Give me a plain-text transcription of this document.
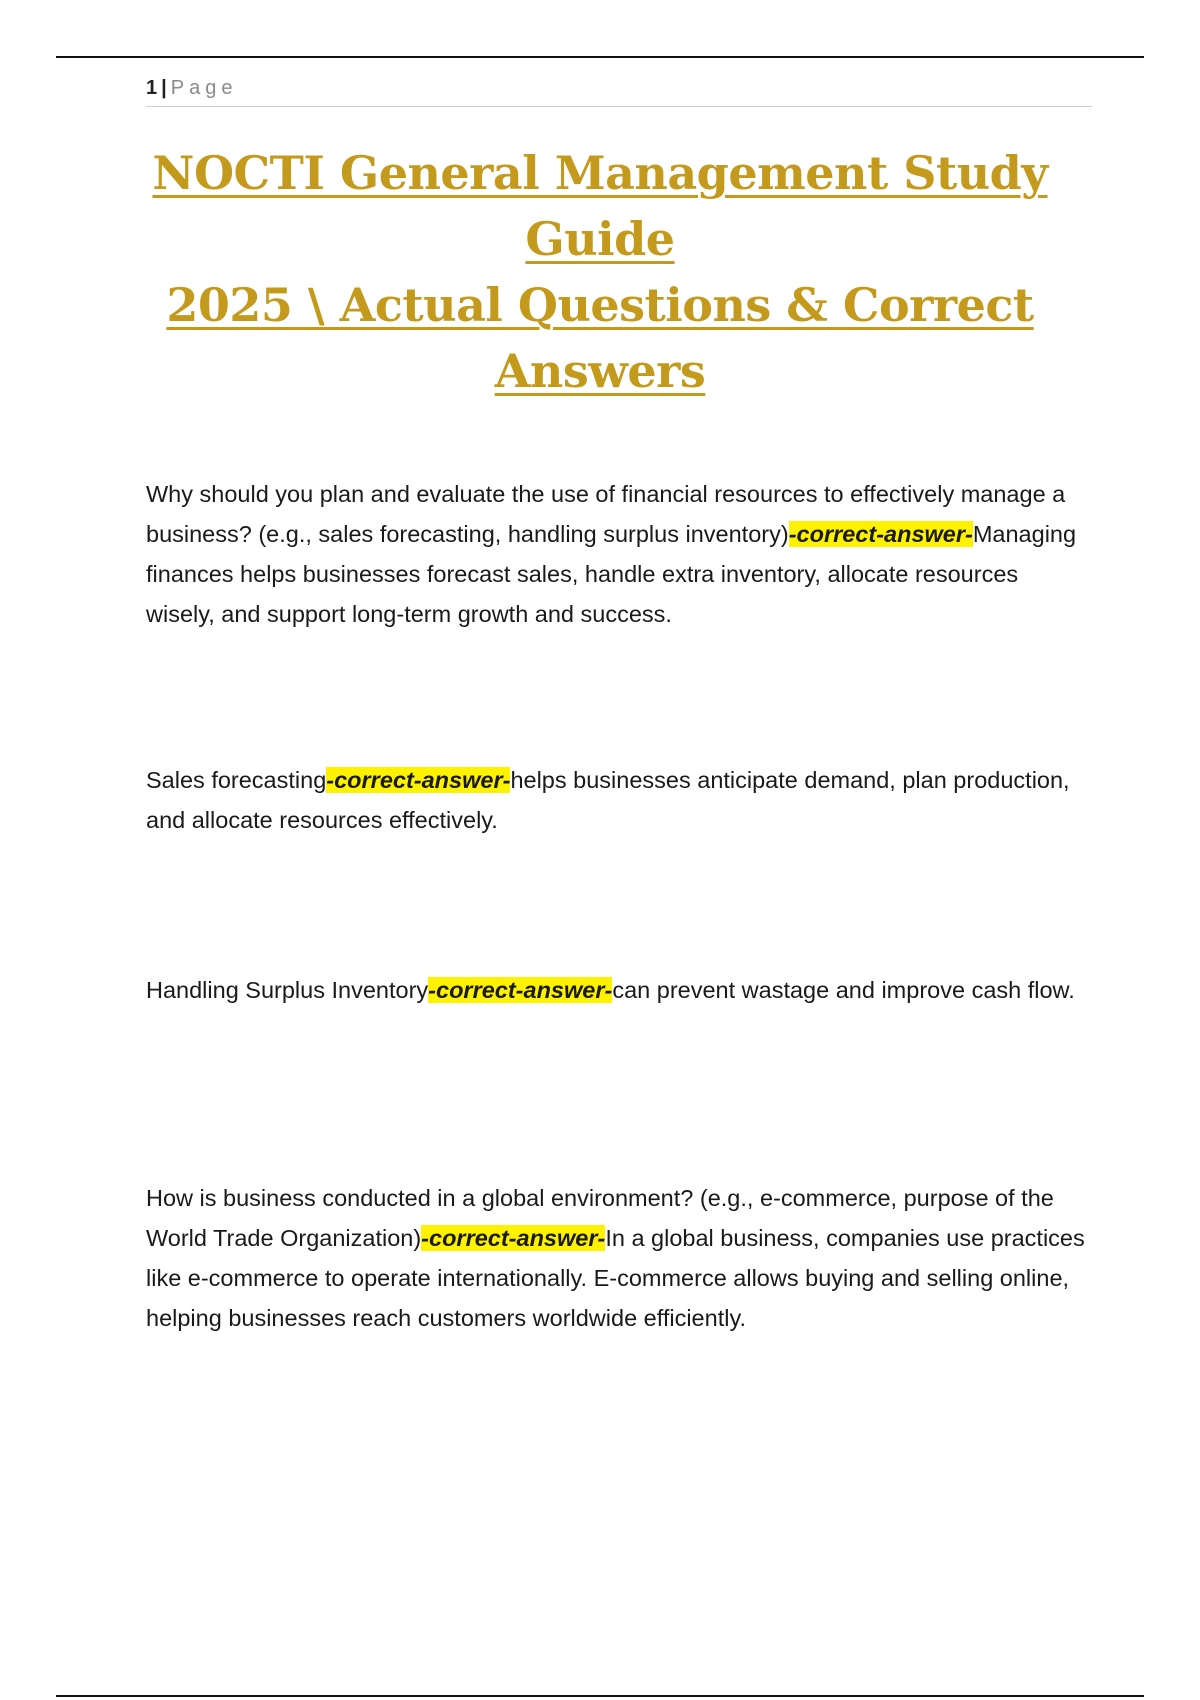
1 | Page
NOCTI General Management Study Guide
2025 \ Actual Questions & Correct
Answers

Why should you plan and evaluate the use of financial resources to effectively manage a business? (e.g., sales forecasting, handling surplus inventory)-correct-answer-Managing finances helps businesses forecast sales, handle extra inventory, allocate resources wisely, and support long-term growth and success.

Sales forecasting-correct-answer-helps businesses anticipate demand, plan production, and allocate resources effectively.

Handling Surplus Inventory-correct-answer-can prevent wastage and improve cash flow.

How is business conducted in a global environment? (e.g., e-commerce, purpose of the World Trade Organization)-correct-answer-In a global business, companies use practices like e-commerce to operate internationally. E-commerce allows buying and selling online, helping businesses reach customers worldwide efficiently.
